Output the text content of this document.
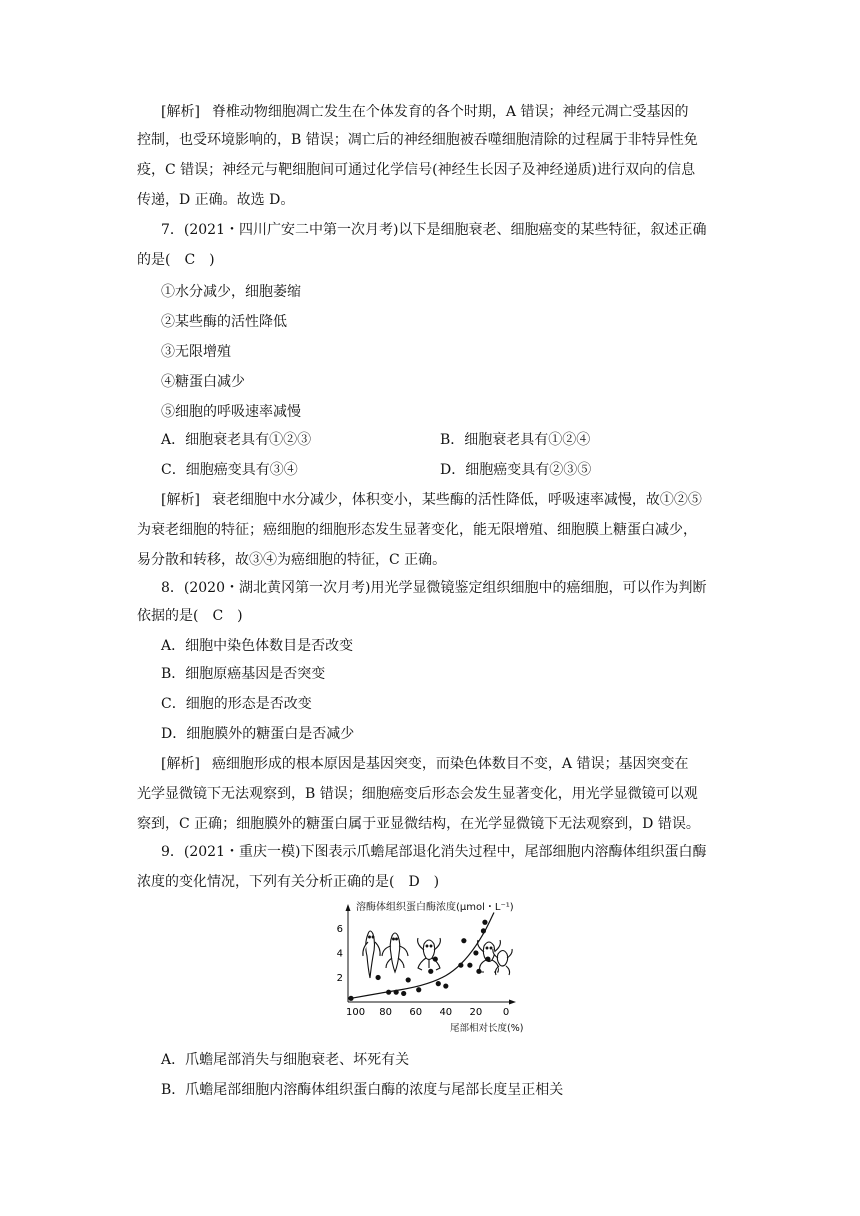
[解析] 脊椎动物细胞凋亡发生在个体发育的各个时期，A 错误；神经元凋亡受基因的
控制，也受环境影响的，B 错误；凋亡后的神经细胞被吞噬细胞清除的过程属于非特异性免
疫，C 错误；神经元与靶细胞间可通过化学信号(神经生长因子及神经递质)进行双向的信息
传递，D 正确。故选 D。
7．(2021・四川广安二中第一次月考)以下是细胞衰老、细胞癌变的某些特征，叙述正确
的是(　C　)
①水分减少，细胞萎缩
②某些酶的活性降低
③无限增殖
④糖蛋白减少
⑤细胞的呼吸速率减慢
A．细胞衰老具有①②③	B．细胞衰老具有①②④
C．细胞癌变具有③④	D．细胞癌变具有②③⑤
[解析] 衰老细胞中水分减少，体积变小，某些酶的活性降低，呼吸速率减慢，故①②⑤
为衰老细胞的特征；癌细胞的细胞形态发生显著变化，能无限增殖、细胞膜上糖蛋白减少，
易分散和转移，故③④为癌细胞的特征，C 正确。
8．(2020・湖北黄冈第一次月考)用光学显微镜鉴定组织细胞中的癌细胞，可以作为判断
依据的是(　C　)
A．细胞中染色体数目是否改变
B．细胞原癌基因是否突变
C．细胞的形态是否改变
D．细胞膜外的糖蛋白是否减少
[解析] 癌细胞形成的根本原因是基因突变，而染色体数目不变，A 错误；基因突变在
光学显微镜下无法观察到，B 错误；细胞癌变后形态会发生显著变化，用光学显微镜可以观
察到，C 正确；细胞膜外的糖蛋白属于亚显微结构，在光学显微镜下无法观察到，D 错误。
9．(2021・重庆一模)下图表示爪蟾尾部退化消失过程中，尾部细胞内溶酶体组织蛋白酶
浓度的变化情况，下列有关分析正确的是(　D　)
100 80 60 40 20 0
2
4
6
溶酶体组织蛋白酶浓度(μmol・L⁻¹)
尾部相对长度(%)
A．爪蟾尾部消失与细胞衰老、坏死有关
B．爪蟾尾部细胞内溶酶体组织蛋白酶的浓度与尾部长度呈正相关
